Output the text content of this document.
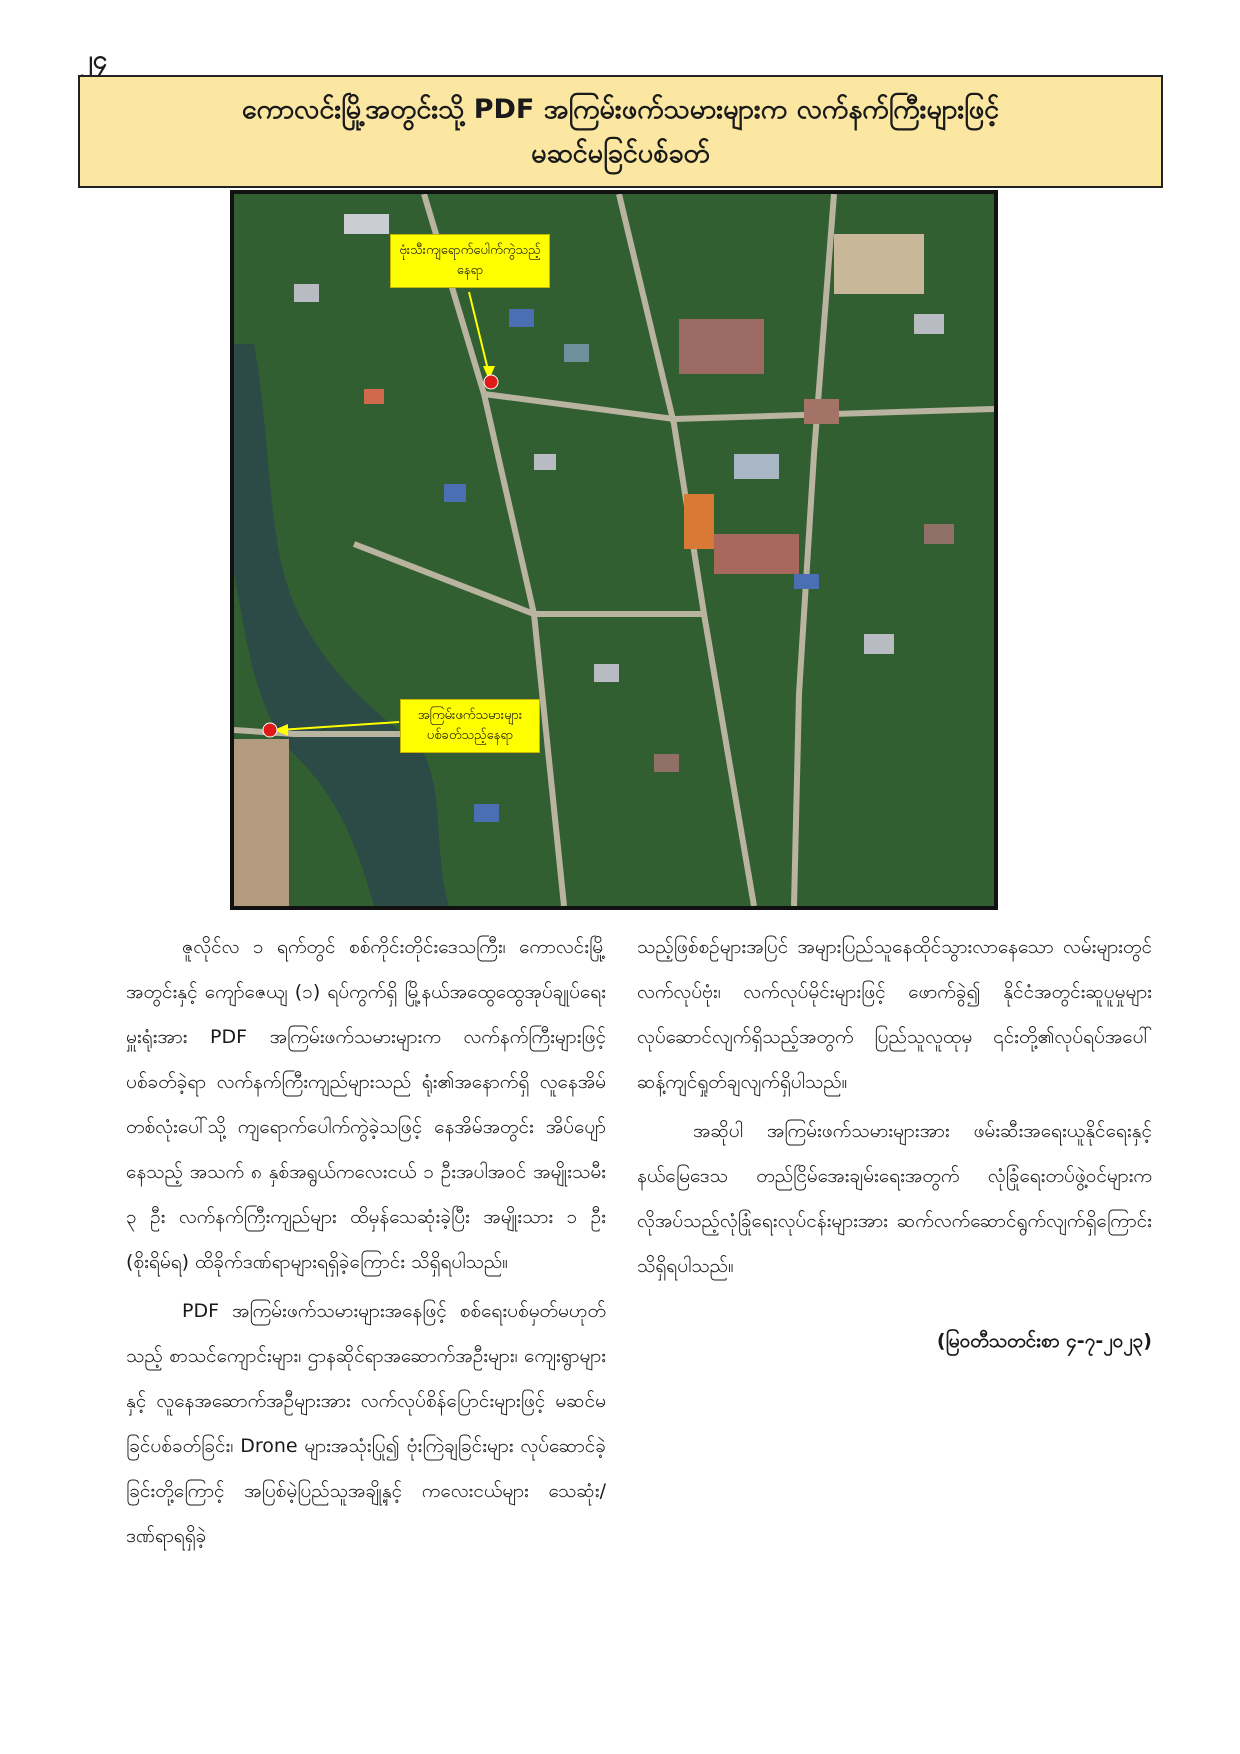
၂၄
ကောလင်းမြို့အတွင်းသို့ PDF အကြမ်းဖက်သမားများက လက်နက်ကြီးများဖြင့်
မဆင်မခြင်ပစ်ခတ်
ဗုံးသီးကျရောက်ပေါက်ကွဲသည့် နေရာ
အကြမ်းဖက်သမားများ ပစ်ခတ်သည့်နေရာ

ဇူလိုင်လ ၁ ရက်တွင် စစ်ကိုင်းတိုင်းဒေသကြီး၊ ကောလင်းမြို့အတွင်းနှင့် ကျော်ဇေယျ (၁) ရပ်ကွက်ရှိ မြို့နယ်အထွေထွေအုပ်ချုပ်ရေးမှူးရုံးအား PDF အကြမ်းဖက်သမားများက လက်နက်ကြီးများဖြင့် ပစ်ခတ်ခဲ့ရာ လက်နက်ကြီးကျည်များသည် ရုံး၏အနောက်ရှိ လူနေအိမ်တစ်လုံးပေါ်သို့ ကျရောက်ပေါက်ကွဲခဲ့သဖြင့် နေအိမ်အတွင်း အိပ်ပျော်နေသည့် အသက် ၈ နှစ်အရွယ်ကလေးငယ် ၁ ဦးအပါအဝင် အမျိုးသမီး ၃ ဦး လက်နက်ကြီးကျည်များ ထိမှန်သေဆုံးခဲ့ပြီး အမျိုးသား ၁ ဦး (စိုးရိမ်ရ) ထိခိုက်ဒဏ်ရာများရရှိခဲ့ကြောင်း သိရှိရပါသည်။

PDF အကြမ်းဖက်သမားများအနေဖြင့် စစ်ရေးပစ်မှတ်မဟုတ်သည့် စာသင်ကျောင်းများ၊ ဌာနဆိုင်ရာအဆောက်အဦးများ၊ ကျေးရွာများနှင့် လူနေအဆောက်အဦများအား လက်လုပ်စိန်ပြောင်းများဖြင့် မဆင်မခြင်ပစ်ခတ်ခြင်း၊ Drone များအသုံးပြု၍ ဗုံးကြဲချခြင်းများ လုပ်ဆောင်ခဲ့ခြင်းတို့ကြောင့် အပြစ်မဲ့ပြည်သူအချို့နှင့် ကလေးငယ်များ သေဆုံး/ဒဏ်ရာရရှိခဲ့

သည့်ဖြစ်စဉ်များအပြင် အများပြည်သူနေထိုင်သွားလာနေသော လမ်းများတွင် လက်လုပ်ဗုံး၊ လက်လုပ်မိုင်းများဖြင့် ဖောက်ခွဲ၍ နိုင်ငံအတွင်းဆူပူမှုများ လုပ်ဆောင်လျက်ရှိသည့်အတွက် ပြည်သူလူထုမှ ၎င်းတို့၏လုပ်ရပ်အပေါ် ဆန့်ကျင်ရှုတ်ချလျက်ရှိပါသည်။

အဆိုပါ အကြမ်းဖက်သမားများအား ဖမ်းဆီးအရေးယူနိုင်ရေးနှင့် နယ်မြေဒေသ တည်ငြိမ်အေးချမ်းရေးအတွက် လုံခြုံရေးတပ်ဖွဲ့ဝင်များက လိုအပ်သည့်လုံခြုံရေးလုပ်ငန်းများအား ဆက်လက်ဆောင်ရွက်လျက်ရှိကြောင်း သိရှိရပါသည်။

(မြဝတီသတင်းစာ ၄-၇-၂၀၂၃)
